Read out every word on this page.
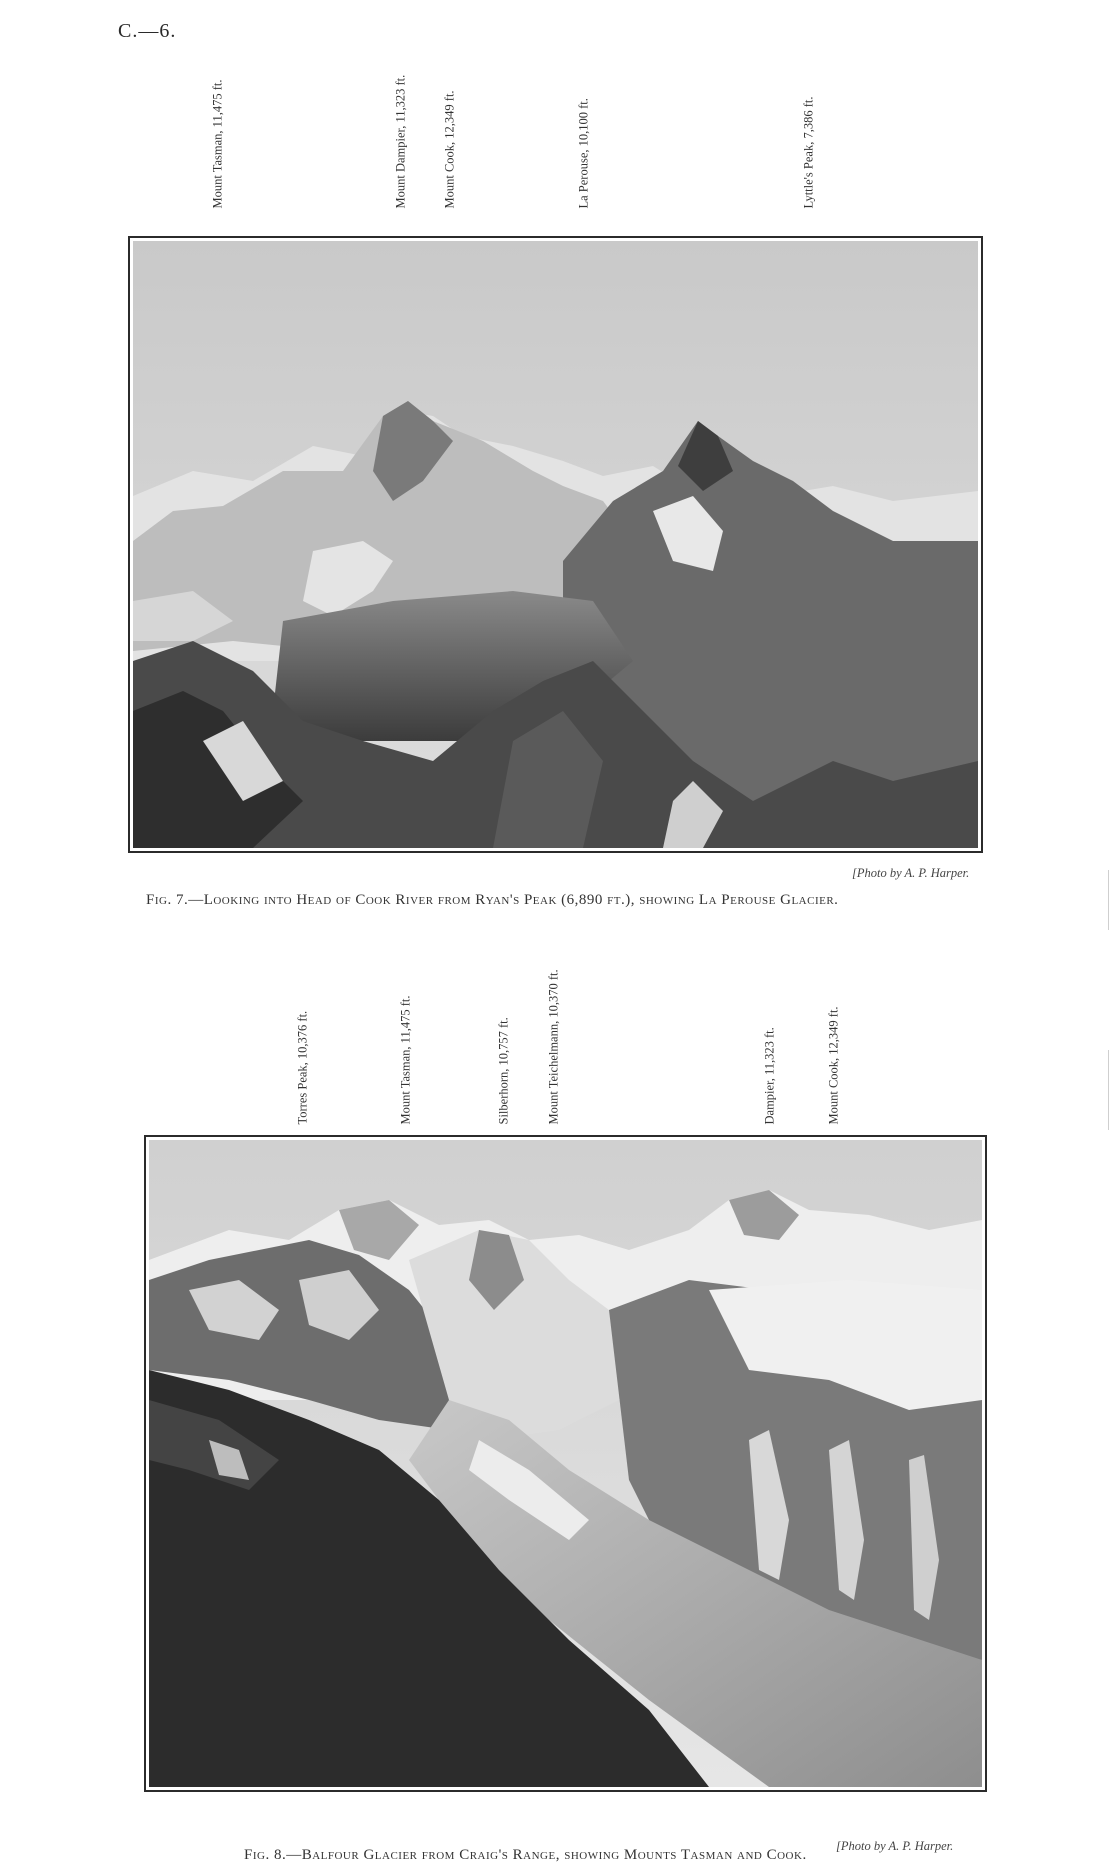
C.—6.
Mount Tasman, 11,475 ft.	Mount Dampier, 11,323 ft.	Mount Cook, 12,349 ft.	La Perouse, 10,100 ft.	Lyttle's Peak, 7,386 ft.
[Photo by A. P. Harper.
Fig. 7.—Looking into Head of Cook River from Ryan's Peak (6,890 ft.), showing La Perouse Glacier.
Torres Peak, 10,376 ft.	Mount Tasman, 11,475 ft.	Silberhorn, 10,757 ft.	Mount Teichelmann, 10,370 ft.	Dampier, 11,323 ft.	Mount Cook, 12,349 ft.
[Photo by A. P. Harper.
Fig. 8.—Balfour Glacier from Craig's Range, showing Mounts Tasman and Cook.
